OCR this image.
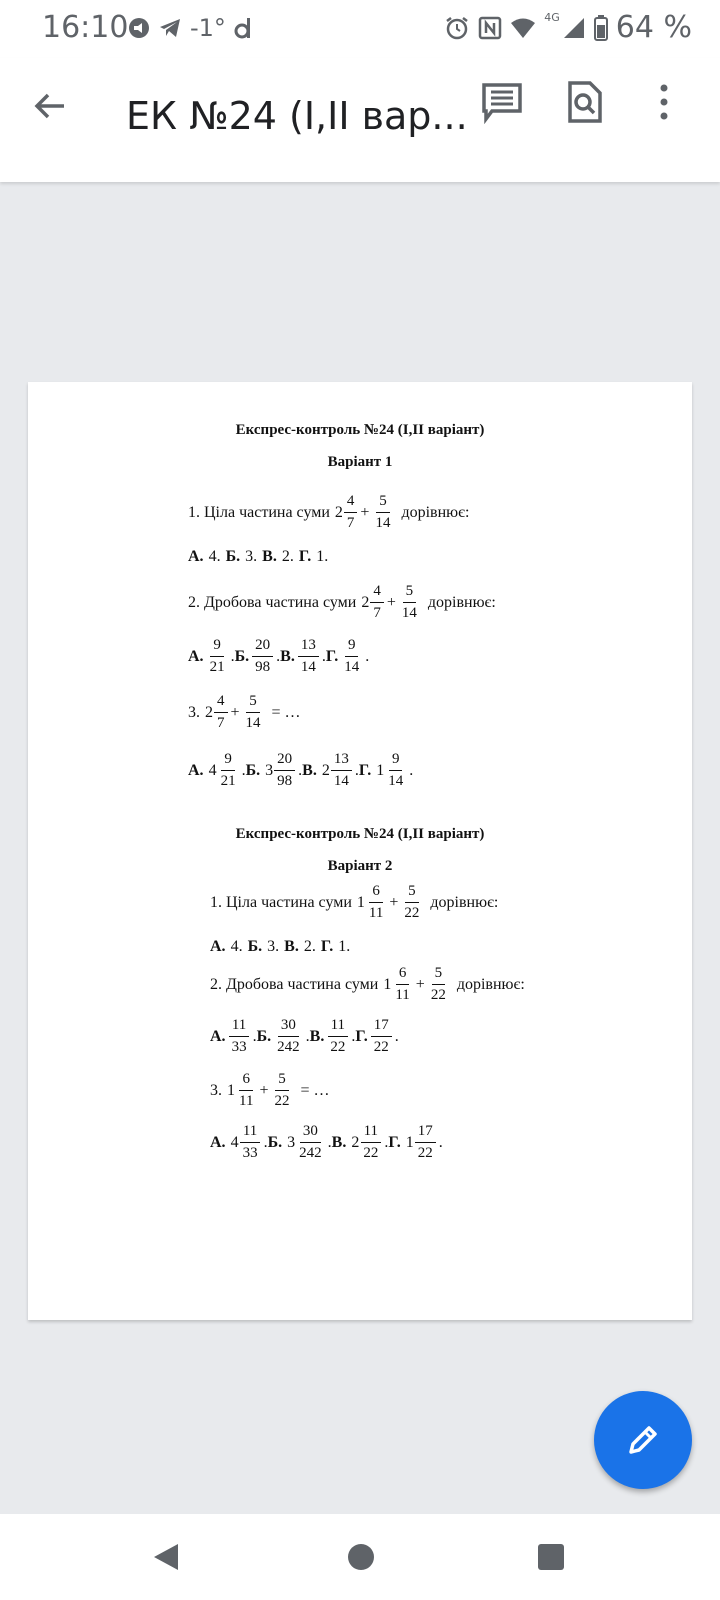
16:10	-1°	4G 64 %
ЕК №24 (І,ІІ вар...
Експрес-контроль №24 (І,ІІ варіант)
Варіант 1
1. Ціла частина суми $2 \frac{4}{7} + \frac{5}{14}$ дорівнює:
А. 4. Б. 3. В. 2. Г. 1.
2. Дробова частина суми $2 \frac{4}{7} + \frac{5}{14}$ дорівнює:
А. $\frac{9}{21}$ . Б. $\frac{20}{98}$ . В. $\frac{13}{14}$ . Г. $\frac{9}{14}$ .
3. $2 \frac{4}{7} + \frac{5}{14}$ = …
А. $4 \frac{9}{21}$ . Б. $3 \frac{20}{98}$ . В. $2 \frac{13}{14}$ . Г. $1 \frac{9}{14}$ .
Експрес-контроль №24 (І,ІІ варіант)
Варіант 2
1. Ціла частина суми $1 \frac{6}{11} + \frac{5}{22}$ дорівнює:
А. 4. Б. 3. В. 2. Г. 1.
2. Дробова частина суми $1 \frac{6}{11} + \frac{5}{22}$ дорівнює:
А. $\frac{11}{33}$ . Б. $\frac{30}{242}$ . В. $\frac{11}{22}$ . Г. $\frac{17}{22}$ .
3. $1 \frac{6}{11} + \frac{5}{22}$ = …
А. $4 \frac{11}{33}$ . Б. $3 \frac{30}{242}$ . В. $2 \frac{11}{22}$ . Г. $1 \frac{17}{22}$ .
